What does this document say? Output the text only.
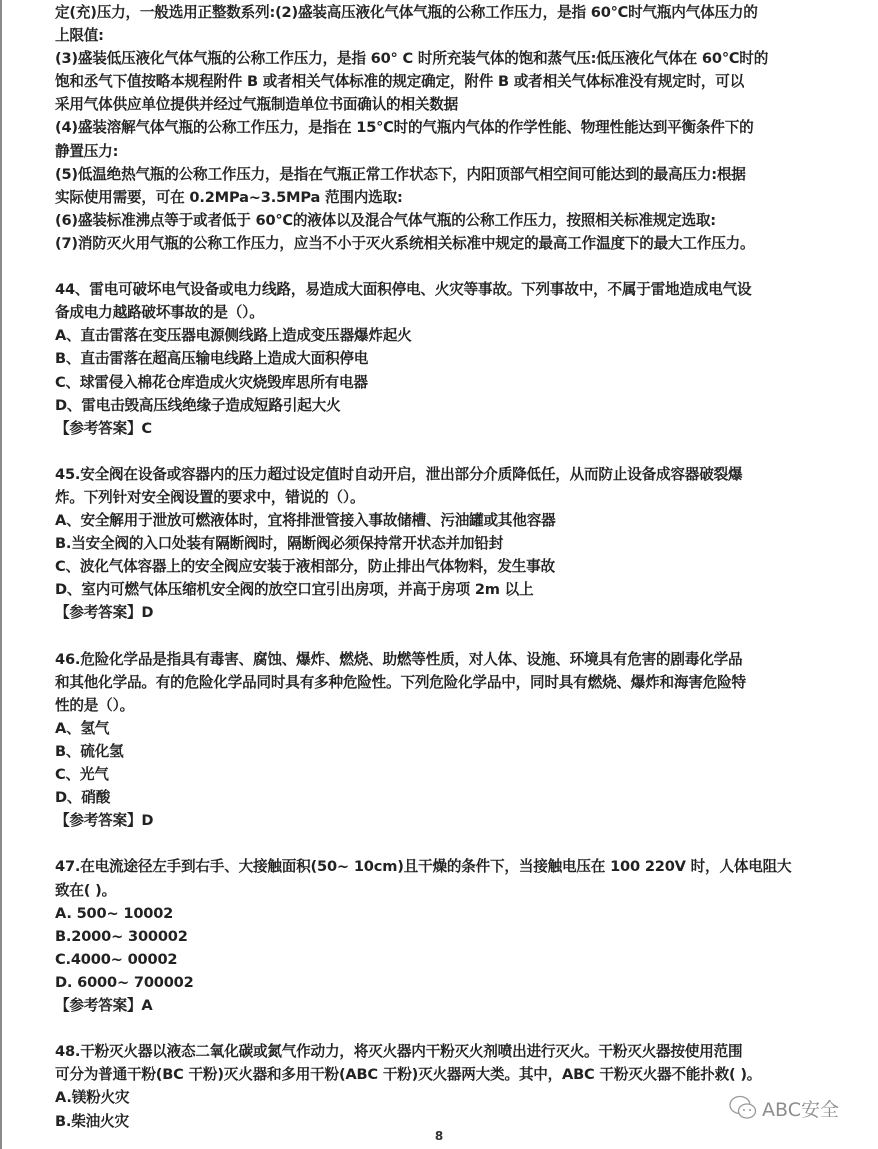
定(充)压力，一般选用正整数系列:(2)盛装高压液化气体气瓶的公称工作压力，是指 60℃时气瓶内气体压力的
上限值:
(3)盛装低压液化气体气瓶的公称工作压力，是指 60° C 时所充装气体的饱和蒸气压:低压液化气体在 60℃时的
饱和丞气下值按略本规程附件 B 或者相关气体标准的规定确定，附件 B 或者相关气体标准没有规定时，可以
采用气体供应单位提供并经过气瓶制造单位书面确认的相关数据
(4)盛装溶解气体气瓶的公称工作压力，是指在 15℃时的气瓶内气体的作学性能、物理性能达到平衡条件下的
静置压力:
(5)低温绝热气瓶的公称工作压力，是指在气瓶正常工作状态下，内阳顶部气相空间可能达到的最高压力:根据
实际使用需要，可在 0.2MPa~3.5MPa 范围内选取:
(6)盛装标准沸点等于或者低于 60℃的液体以及混合气体气瓶的公称工作压力，按照相关标准规定选取:
(7)消防灭火用气瓶的公称工作压力，应当不小于灭火系统相关标准中规定的最高工作温度下的最大工作压力。
44、雷电可破坏电气设备或电力线路，易造成大面积停电、火灾等事故。下列事故中，不属于雷地造成电气设
备成电力越路破坏事故的是（）。
A、直击雷落在变压器电源侧线路上造成变压器爆炸起火
B、直击雷落在超高压输电线路上造成大面积停电
C、球雷侵入棉花仓库造成火灾烧毁库思所有电器
D、雷电击毁高压线绝缘子造成短路引起大火
【参考答案】C
45.安全阀在设备或容器内的压力超过设定值时自动开启，泄出部分介质降低任，从而防止设备成容器破裂爆
炸。下列针对安全阀设置的要求中，错说的（）。
A、安全解用于泄放可燃液体时，宜将排泄管接入事故储槽、污油罐或其他容器
B.当安全阀的入口处装有隔断阀时，隔断阀必须保持常开状态并加铅封
C、波化气体容器上的安全阀应安装于液相部分，防止排出气体物料，发生事故
D、室内可燃气体压缩机安全阀的放空口宜引出房项，并高于房项 2m 以上
【参考答案】D
46.危险化学品是指具有毒害、腐蚀、爆炸、燃烧、助燃等性质，对人体、设施、环境具有危害的剧毒化学品
和其他化学品。有的危险化学品同时具有多种危险性。下列危险化学品中，同时具有燃烧、爆炸和海害危险特
性的是（）。
A、氢气
B、硫化氢
C、光气
D、硝酸
【参考答案】D
47.在电流途径左手到右手、大接触面积(50~ 10cm)且干燥的条件下，当接触电压在 100 220V 时，人体电阻大
致在( )。
A. 500~ 10002
B.2000~ 300002
C.4000~ 00002
D. 6000~ 700002
【参考答案】A
48.干粉灭火器以液态二氧化碳或氮气作动力，将灭火器内干粉灭火剂喷出进行灭火。干粉灭火器按使用范围
可分为普通干粉(BC 干粉)灭火器和多用干粉(ABC 干粉)灭火器两大类。其中，ABC 干粉灭火器不能扑救( )。
A.镁粉火灾
B.柴油火灾
8
ABC安全
